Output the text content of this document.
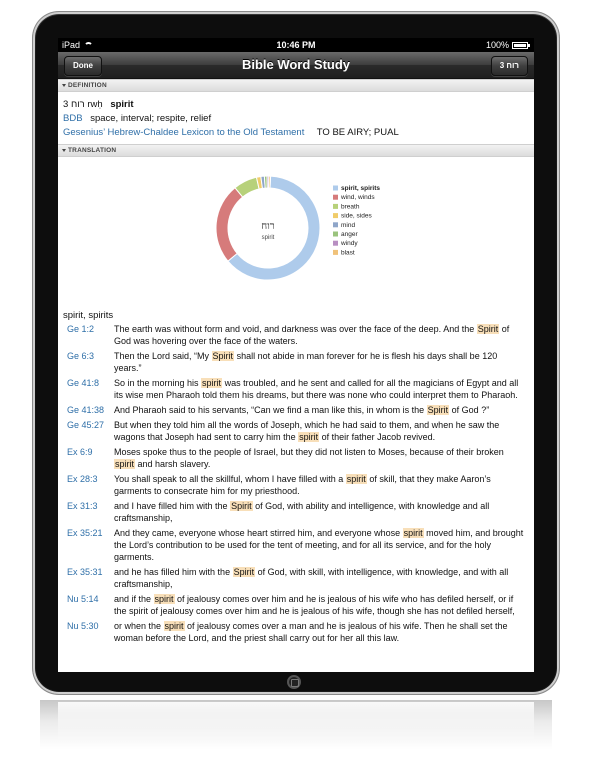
iPad	10:46 PM	100%
Done	Bible Word Study	3 רוח
DEFINITION
3 רוח rwḥ spirit
BDB space, interval; respite, relief
Gesenius’ Hebrew-Chaldee Lexicon to the Old Testament TO BE AIRY; PUAL
TRANSLATION
רוח
spirit
spirit, spirits
wind, winds
breath
side, sides
mind
anger
windy
blast
spirit, spirits
Ge 1:2	The earth was without form and void, and darkness was over the face of the deep. And the Spirit of God was hovering over the face of the waters.
Ge 6:3	Then the Lord said, “My Spirit shall not abide in man forever for he is flesh his days shall be 120 years.”
Ge 41:8	So in the morning his spirit was troubled, and he sent and called for all the magicians of Egypt and all its wise men Pharaoh told them his dreams, but there was none who could interpret them to Pharaoh.
Ge 41:38	And Pharaoh said to his servants, “Can we find a man like this, in whom is the Spirit of God ?”
Ge 45:27	But when they told him all the words of Joseph, which he had said to them, and when he saw the wagons that Joseph had sent to carry him the spirit of their father Jacob revived.
Ex 6:9	Moses spoke thus to the people of Israel, but they did not listen to Moses, because of their broken spirit and harsh slavery.
Ex 28:3	You shall speak to all the skillful, whom I have filled with a spirit of skill, that they make Aaron’s garments to consecrate him for my priesthood.
Ex 31:3	and I have filled him with the Spirit of God, with ability and intelligence, with knowledge and all craftsmanship,
Ex 35:21	And they came, everyone whose heart stirred him, and everyone whose spirit moved him, and brought the Lord’s contribution to be used for the tent of meeting, and for all its service, and for the holy garments.
Ex 35:31	and he has filled him with the Spirit of God, with skill, with intelligence, with knowledge, and with all craftsmanship,
Nu 5:14	and if the spirit of jealousy comes over him and he is jealous of his wife who has defiled herself, or if the spirit of jealousy comes over him and he is jealous of his wife, though she has not defiled herself,
Nu 5:30	or when the spirit of jealousy comes over a man and he is jealous of his wife. Then he shall set the woman before the Lord, and the priest shall carry out for her all this law.
